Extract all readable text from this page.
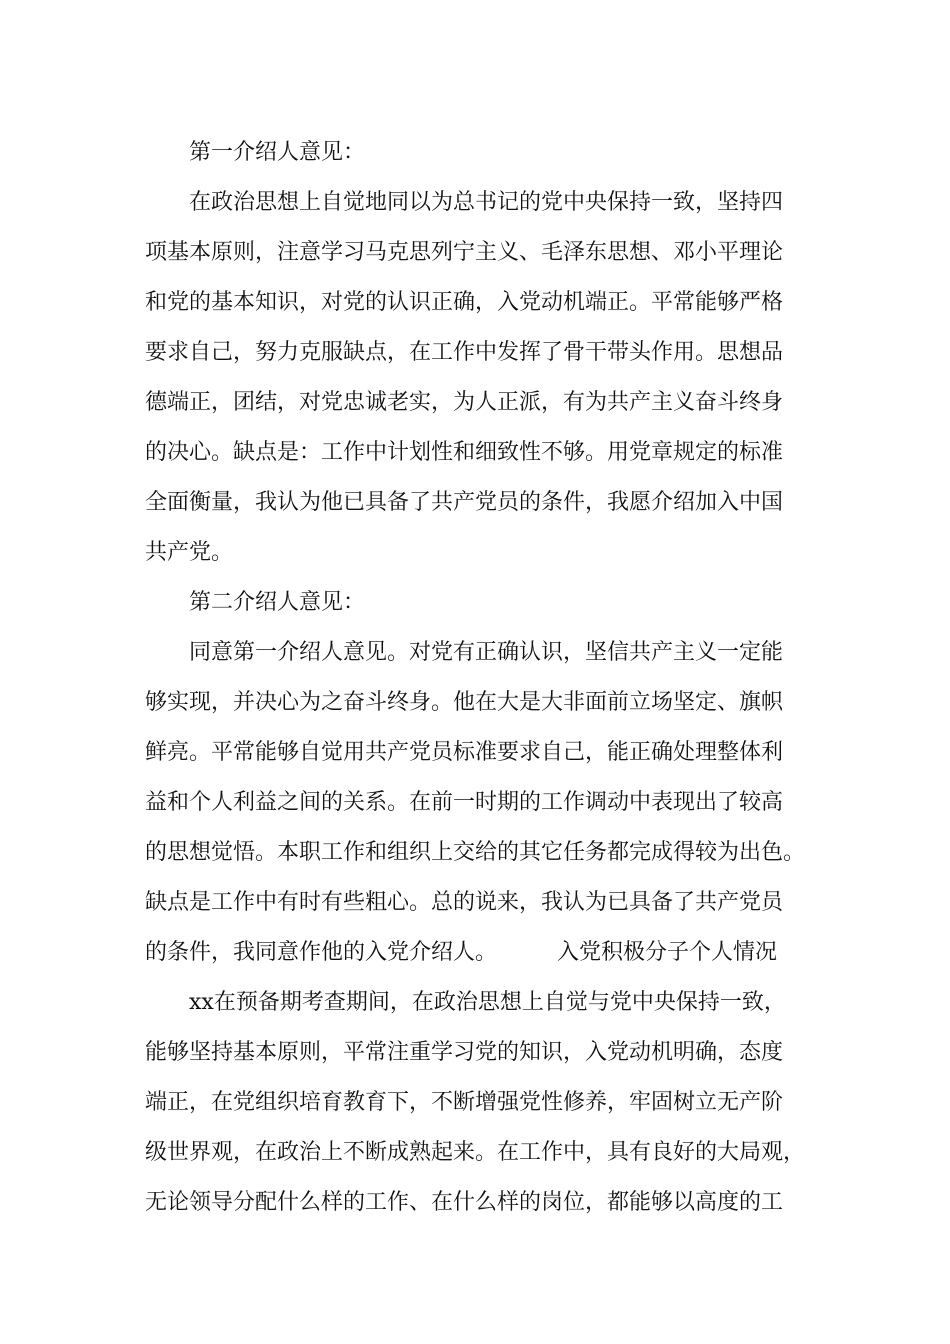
第一介绍人意见：
在政治思想上自觉地同以为总书记的党中央保持一致，坚持四
项基本原则，注意学习马克思列宁主义、毛泽东思想、邓小平理论
和党的基本知识，对党的认识正确，入党动机端正。平常能够严格
要求自己，努力克服缺点，在工作中发挥了骨干带头作用。思想品
德端正，团结，对党忠诚老实，为人正派，有为共产主义奋斗终身
的决心。缺点是：工作中计划性和细致性不够。用党章规定的标准
全面衡量，我认为他已具备了共产党员的条件，我愿介绍加入中国
共产党。
第二介绍人意见：
同意第一介绍人意见。对党有正确认识，坚信共产主义一定能
够实现，并决心为之奋斗终身。他在大是大非面前立场坚定、旗帜
鲜亮。平常能够自觉用共产党员标准要求自己，能正确处理整体利
益和个人利益之间的关系。在前一时期的工作调动中表现出了较高
的思想觉悟。本职工作和组织上交给的其它任务都完成得较为出色。
缺点是工作中有时有些粗心。总的说来，我认为已具备了共产党员
的条件，我同意作他的入党介绍人。	入党积极分子个人情况
xx在预备期考查期间，在政治思想上自觉与党中央保持一致，
能够坚持基本原则，平常注重学习党的知识，入党动机明确，态度
端正，在党组织培育教育下，不断增强党性修养，牢固树立无产阶
级世界观，在政治上不断成熟起来。在工作中，具有良好的大局观，
无论领导分配什么样的工作、在什么样的岗位，都能够以高度的工
